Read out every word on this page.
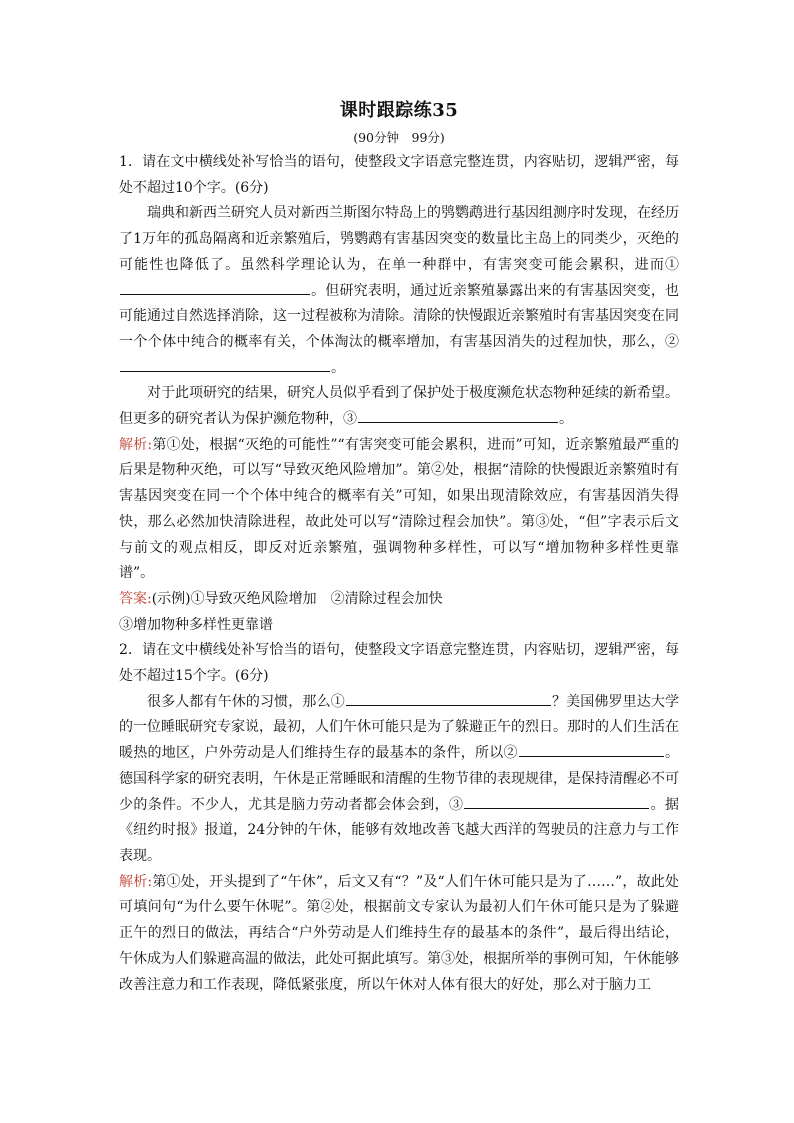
课时跟踪练35
(90分钟　99分)

1．请在文中横线处补写恰当的语句，使整段文字语意完整连贯，内容贴切，逻辑严密，每处不超过10个字。(6分)

瑞典和新西兰研究人员对新西兰斯图尔特岛上的鸮鹦鹉进行基因组测序时发现，在经历了1万年的孤岛隔离和近亲繁殖后，鸮鹦鹉有害基因突变的数量比主岛上的同类少，灭绝的可能性也降低了。虽然科学理论认为，在单一种群中，有害突变可能会累积，进而①。但研究表明，通过近亲繁殖暴露出来的有害基因突变，也可能通过自然选择消除，这一过程被称为清除。清除的快慢跟近亲繁殖时有害基因突变在同一个个体中纯合的概率有关，个体淘汰的概率增加，有害基因消失的过程加快，那么，②。

对于此项研究的结果，研究人员似乎看到了保护处于极度濒危状态物种延续的新希望。但更多的研究者认为保护濒危物种，③	。

解析:第①处，根据“灭绝的可能性”“有害突变可能会累积，进而”可知，近亲繁殖最严重的后果是物种灭绝，可以写“导致灭绝风险增加”。第②处，根据“清除的快慢跟近亲繁殖时有害基因突变在同一个个体中纯合的概率有关”可知，如果出现清除效应，有害基因消失得快，那么必然加快清除进程，故此处可以写“清除过程会加快”。第③处，“但”字表示后文与前文的观点相反，即反对近亲繁殖，强调物种多样性，可以写“增加物种多样性更靠谱”。

答案:(示例)①导致灭绝风险增加　②清除过程会加快

③增加物种多样性更靠谱

2．请在文中横线处补写恰当的语句，使整段文字语意完整连贯，内容贴切，逻辑严密，每处不超过15个字。(6分)

很多人都有午休的习惯，那么①	？美国佛罗里达大学的一位睡眠研究专家说，最初，人们午休可能只是为了躲避正午的烈日。那时的人们生活在暖热的地区，户外劳动是人们维持生存的最基本的条件，所以②	。德国科学家的研究表明，午休是正常睡眠和清醒的生物节律的表现规律，是保持清醒必不可少的条件。不少人，尤其是脑力劳动者都会体会到，③	。据《纽约时报》报道，24分钟的午休，能够有效地改善飞越大西洋的驾驶员的注意力与工作表现。

解析:第①处，开头提到了“午休”，后文又有“？”及“人们午休可能只是为了……”，故此处可填问句“为什么要午休呢”。第②处，根据前文专家认为最初人们午休可能只是为了躲避正午的烈日的做法，再结合“户外劳动是人们维持生存的最基本的条件”，最后得出结论，午休成为人们躲避高温的做法，此处可据此填写。第③处，根据所举的事例可知，午休能够改善注意力和工作表现，降低紧张度，所以午休对人体有很大的好处，那么对于脑力工
